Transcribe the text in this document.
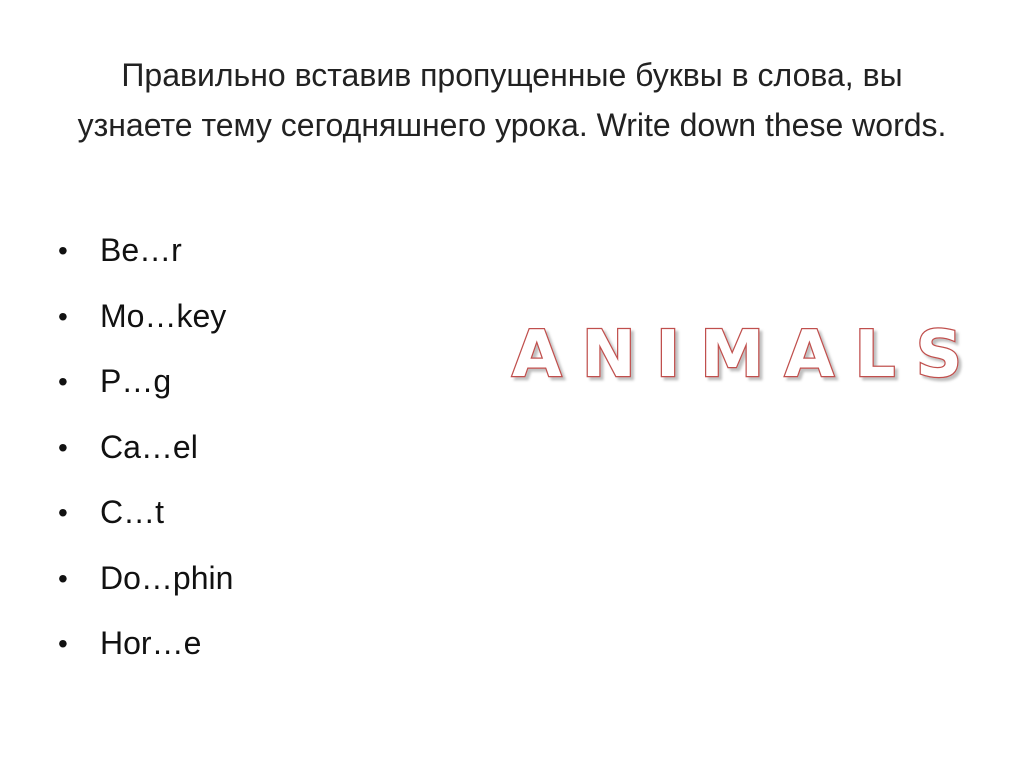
Правильно вставив пропущенные буквы в слова, вы узнаете тему сегодняшнего урока. Write down these words.
• Be…r
• Mo…key
• P…g
• Ca…el
• C…t
• Do…phin
• Hor…e
A N I M A L S
